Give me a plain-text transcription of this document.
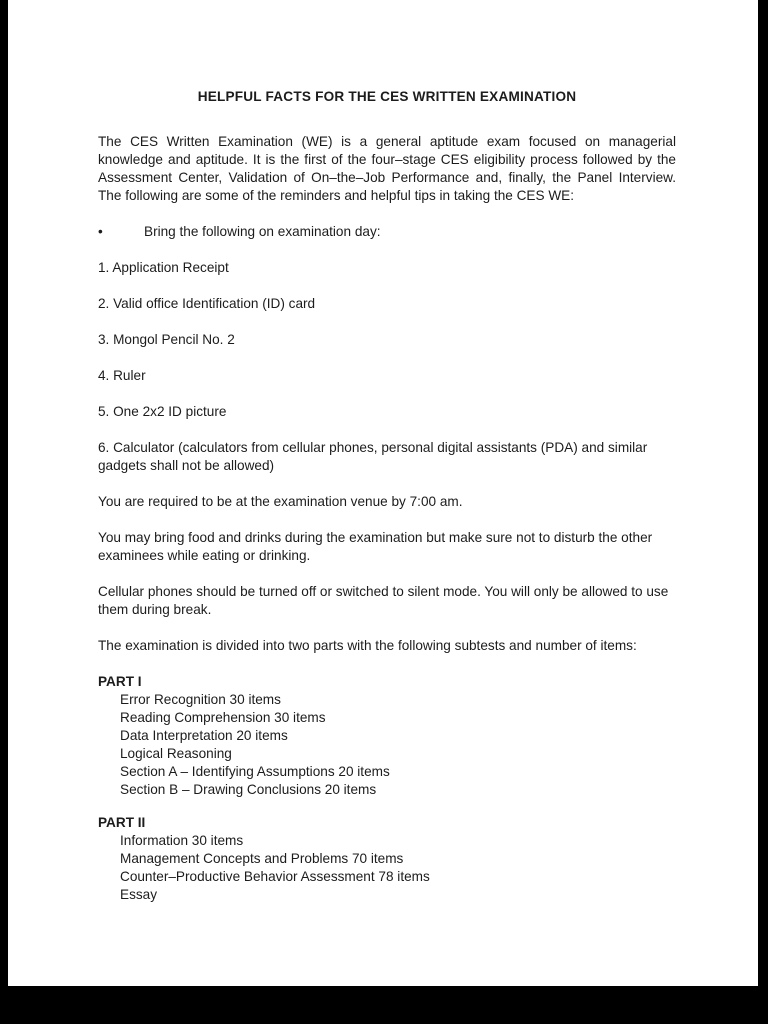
HELPFUL FACTS FOR THE CES WRITTEN EXAMINATION

The CES Written Examination (WE) is a general aptitude exam focused on managerial knowledge and aptitude. It is the first of the four–stage CES eligibility process followed by the Assessment Center, Validation of On–the–Job Performance and, finally, the Panel Interview. The following are some of the reminders and helpful tips in taking the CES WE:

•	Bring the following on examination day:

1. Application Receipt

2. Valid office Identification (ID) card

3. Mongol Pencil No. 2

4. Ruler

5. One 2x2 ID picture

6. Calculator (calculators from cellular phones, personal digital assistants (PDA) and similar gadgets shall not be allowed)

You are required to be at the examination venue by 7:00 am.

You may bring food and drinks during the examination but make sure not to disturb the other examinees while eating or drinking.

Cellular phones should be turned off or switched to silent mode. You will only be allowed to use them during break.

The examination is divided into two parts with the following subtests and number of items:

PART I

Error Recognition 30 items

Reading Comprehension 30 items

Data Interpretation 20 items

Logical Reasoning

Section A – Identifying Assumptions 20 items

Section B – Drawing Conclusions 20 items

PART II

Information 30 items

Management Concepts and Problems 70 items

Counter–Productive Behavior Assessment 78 items

Essay
